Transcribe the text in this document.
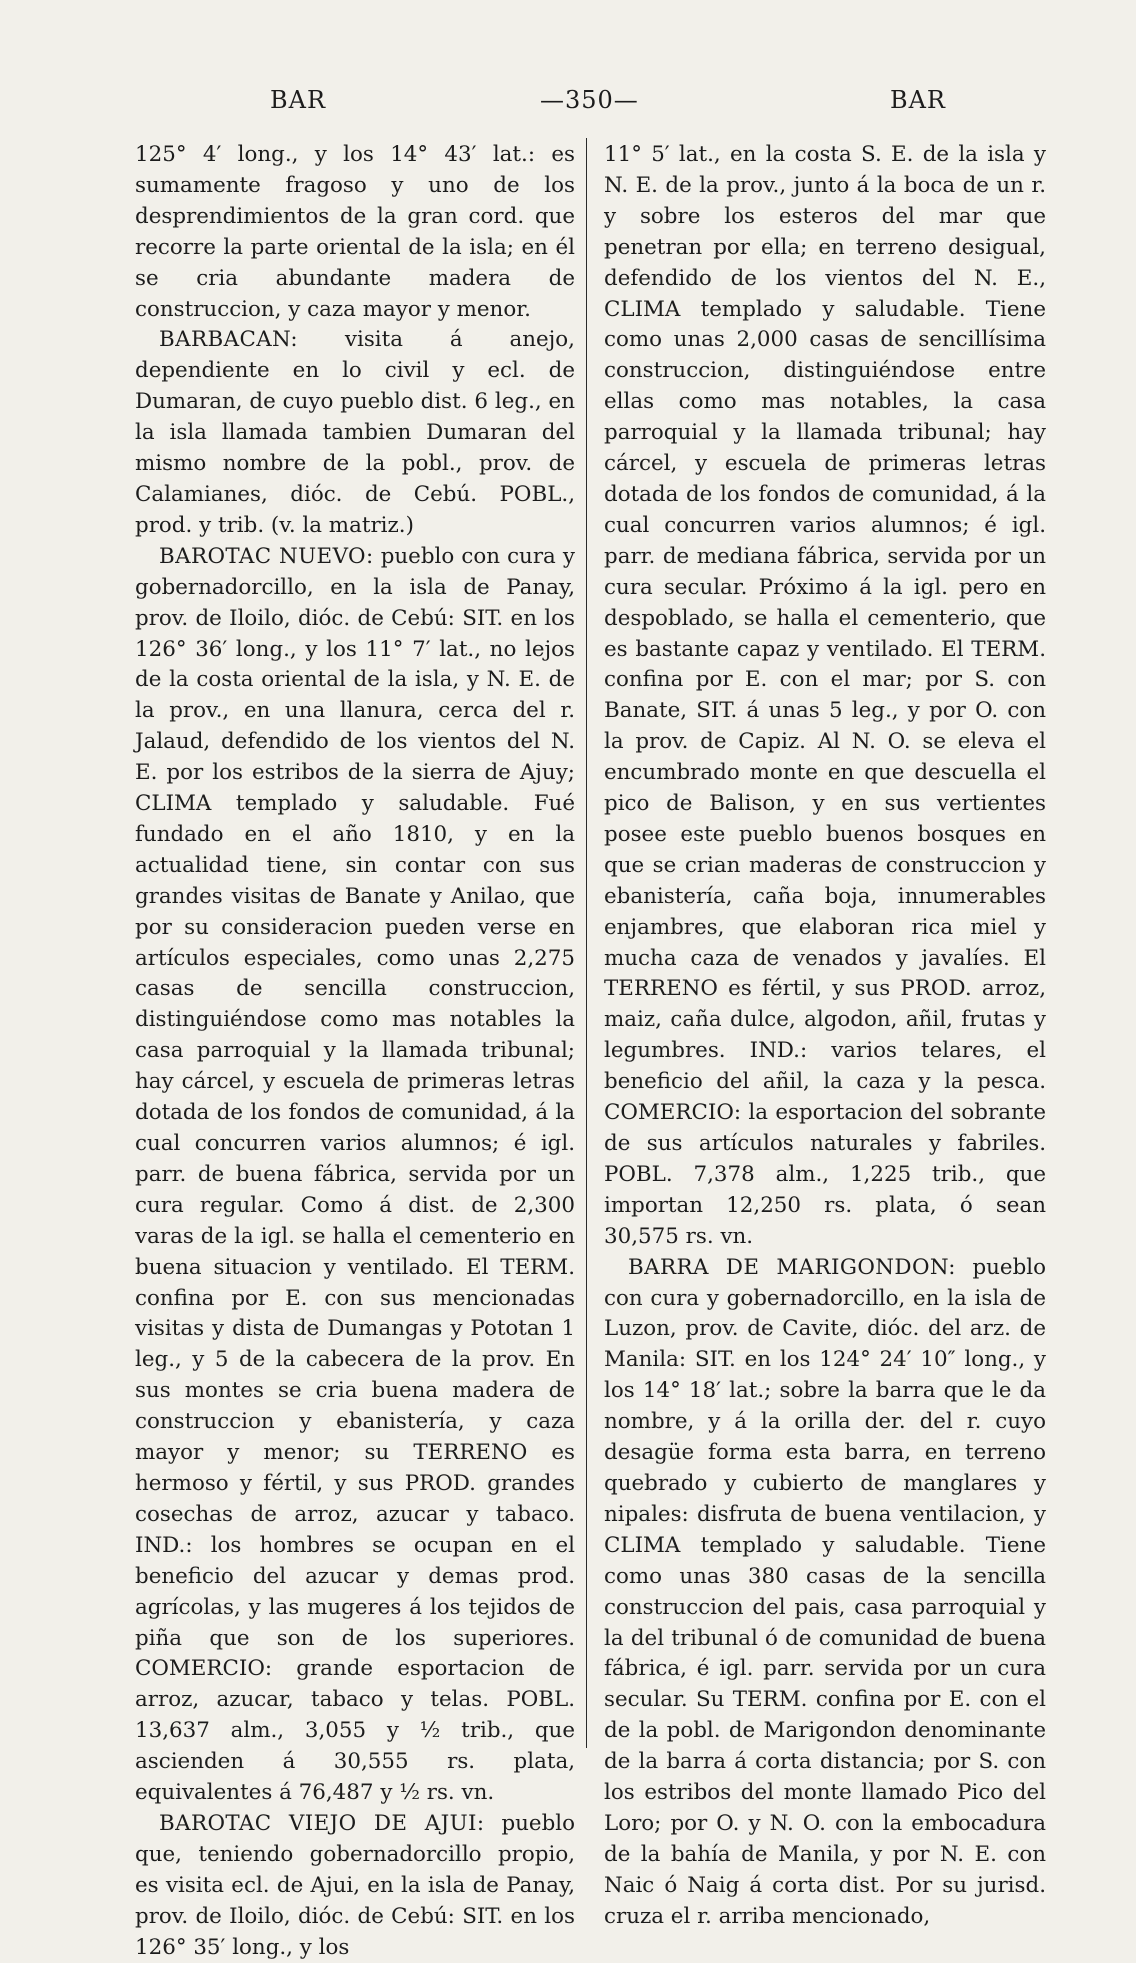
BAR	—350—	BAR

125° 4′ long., y los 14° 43′ lat.: es sumamente fragoso y uno de los desprendimientos de la gran cord. que recorre la parte oriental de la isla; en él se cria abundante madera de construccion, y caza mayor y menor.

BARBACAN: visita á anejo, dependiente en lo civil y ecl. de Dumaran, de cuyo pueblo dist. 6 leg., en la isla llamada tambien Dumaran del mismo nombre de la pobl., prov. de Calamianes, dióc. de Cebú. POBL., prod. y trib. (v. la matriz.)

BAROTAC NUEVO: pueblo con cura y gobernadorcillo, en la isla de Panay, prov. de Iloilo, dióc. de Cebú: SIT. en los 126° 36′ long., y los 11° 7′ lat., no lejos de la costa oriental de la isla, y N. E. de la prov., en una llanura, cerca del r. Jalaud, defendido de los vientos del N. E. por los estribos de la sierra de Ajuy; CLIMA templado y saludable. Fué fundado en el año 1810, y en la actualidad tiene, sin contar con sus grandes visitas de Banate y Anilao, que por su consideracion pueden verse en artículos especiales, como unas 2,275 casas de sencilla construccion, distinguiéndose como mas notables la casa parroquial y la llamada tribunal; hay cárcel, y escuela de primeras letras dotada de los fondos de comunidad, á la cual concurren varios alumnos; é igl. parr. de buena fábrica, servida por un cura regular. Como á dist. de 2,300 varas de la igl. se halla el cementerio en buena situacion y ventilado. El TERM. confina por E. con sus mencionadas visitas y dista de Dumangas y Pototan 1 leg., y 5 de la cabecera de la prov. En sus montes se cria buena madera de construccion y ebanistería, y caza mayor y menor; su TERRENO es hermoso y fértil, y sus PROD. grandes cosechas de arroz, azucar y tabaco. IND.: los hombres se ocupan en el beneficio del azucar y demas prod. agrícolas, y las mugeres á los tejidos de piña que son de los superiores. COMERCIO: grande esportacion de arroz, azucar, tabaco y telas. POBL. 13,637 alm., 3,055 y ½ trib., que ascienden á 30,555 rs. plata, equivalentes á 76,487 y ½ rs. vn.

BAROTAC VIEJO DE AJUI: pueblo que, teniendo gobernadorcillo propio, es visita ecl. de Ajui, en la isla de Panay, prov. de Iloilo, dióc. de Cebú: SIT. en los 126° 35′ long., y los

11° 5′ lat., en la costa S. E. de la isla y N. E. de la prov., junto á la boca de un r. y sobre los esteros del mar que penetran por ella; en terreno desigual, defendido de los vientos del N. E., CLIMA templado y saludable. Tiene como unas 2,000 casas de sencillísima construccion, distinguiéndose entre ellas como mas notables, la casa parroquial y la llamada tribunal; hay cárcel, y escuela de primeras letras dotada de los fondos de comunidad, á la cual concurren varios alumnos; é igl. parr. de mediana fábrica, servida por un cura secular. Próximo á la igl. pero en despoblado, se halla el cementerio, que es bastante capaz y ventilado. El TERM. confina por E. con el mar; por S. con Banate, SIT. á unas 5 leg., y por O. con la prov. de Capiz. Al N. O. se eleva el encumbrado monte en que descuella el pico de Balison, y en sus vertientes posee este pueblo buenos bosques en que se crian maderas de construccion y ebanistería, caña boja, innumerables enjambres, que elaboran rica miel y mucha caza de venados y javalíes. El TERRENO es fértil, y sus PROD. arroz, maiz, caña dulce, algodon, añil, frutas y legumbres. IND.: varios telares, el beneficio del añil, la caza y la pesca. COMERCIO: la esportacion del sobrante de sus artículos naturales y fabriles. POBL. 7,378 alm., 1,225 trib., que importan 12,250 rs. plata, ó sean 30,575 rs. vn.

BARRA DE MARIGONDON: pueblo con cura y gobernadorcillo, en la isla de Luzon, prov. de Cavite, dióc. del arz. de Manila: SIT. en los 124° 24′ 10″ long., y los 14° 18′ lat.; sobre la barra que le da nombre, y á la orilla der. del r. cuyo desagüe forma esta barra, en terreno quebrado y cubierto de manglares y nipales: disfruta de buena ventilacion, y CLIMA templado y saludable. Tiene como unas 380 casas de la sencilla construccion del pais, casa parroquial y la del tribunal ó de comunidad de buena fábrica, é igl. parr. servida por un cura secular. Su TERM. confina por E. con el de la pobl. de Marigondon denominante de la barra á corta distancia; por S. con los estribos del monte llamado Pico del Loro; por O. y N. O. con la embocadura de la bahía de Manila, y por N. E. con Naic ó Naig á corta dist. Por su jurisd. cruza el r. arriba mencionado,
